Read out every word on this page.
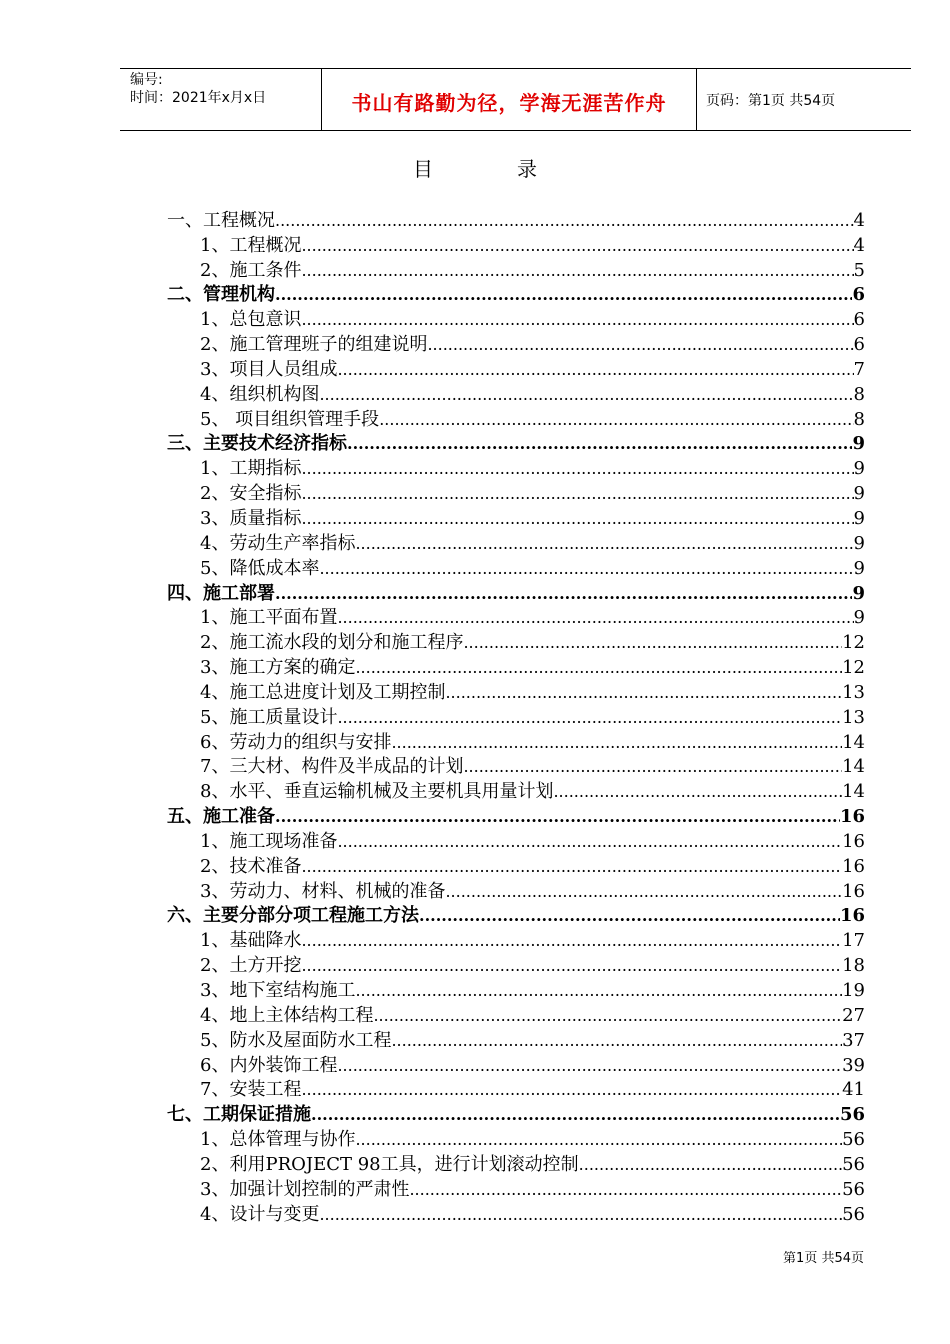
编号:
时间：2021年x月x日	书山有路勤为径，学海无涯苦作舟	页码：第1页 共54页
目	录
一、工程概况 .....	4
1、工程概况 .....	4
2、施工条件 .....	5
二、管理机构 .....	6
1、总包意识 .....	6
2、施工管理班子的组建说明 .....	6
3、项目人员组成 .....	7
4、组织机构图 .....	8
5、 项目组织管理手段 .....	8
三、主要技术经济指标 .....	9
1、工期指标 .....	9
2、安全指标 .....	9
3、质量指标 .....	9
4、劳动生产率指标 .....	9
5、降低成本率 .....	9
四、施工部署 .....	9
1、施工平面布置 .....	9
2、施工流水段的划分和施工程序 .....	12
3、施工方案的确定 .....	12
4、施工总进度计划及工期控制 .....	13
5、施工质量设计 .....	13
6、劳动力的组织与安排 .....	14
7、三大材、构件及半成品的计划 .....	14
8、水平、垂直运输机械及主要机具用量计划 .....	14
五、施工准备 .....	16
1、施工现场准备 .....	16
2、技术准备 .....	16
3、劳动力、材料、机械的准备 .....	16
六、主要分部分项工程施工方法 .....	16
1、基础降水 .....	17
2、土方开挖 .....	18
3、地下室结构施工 .....	19
4、地上主体结构工程 .....	27
5、防水及屋面防水工程 .....	37
6、内外装饰工程 .....	39
7、安装工程 .....	41
七、工期保证措施 .....	56
1、总体管理与协作 .....	56
2、利用PROJECT 98工具，进行计划滚动控制 .....	56
3、加强计划控制的严肃性 .....	56
4、设计与变更 .....	56
第1页 共54页
